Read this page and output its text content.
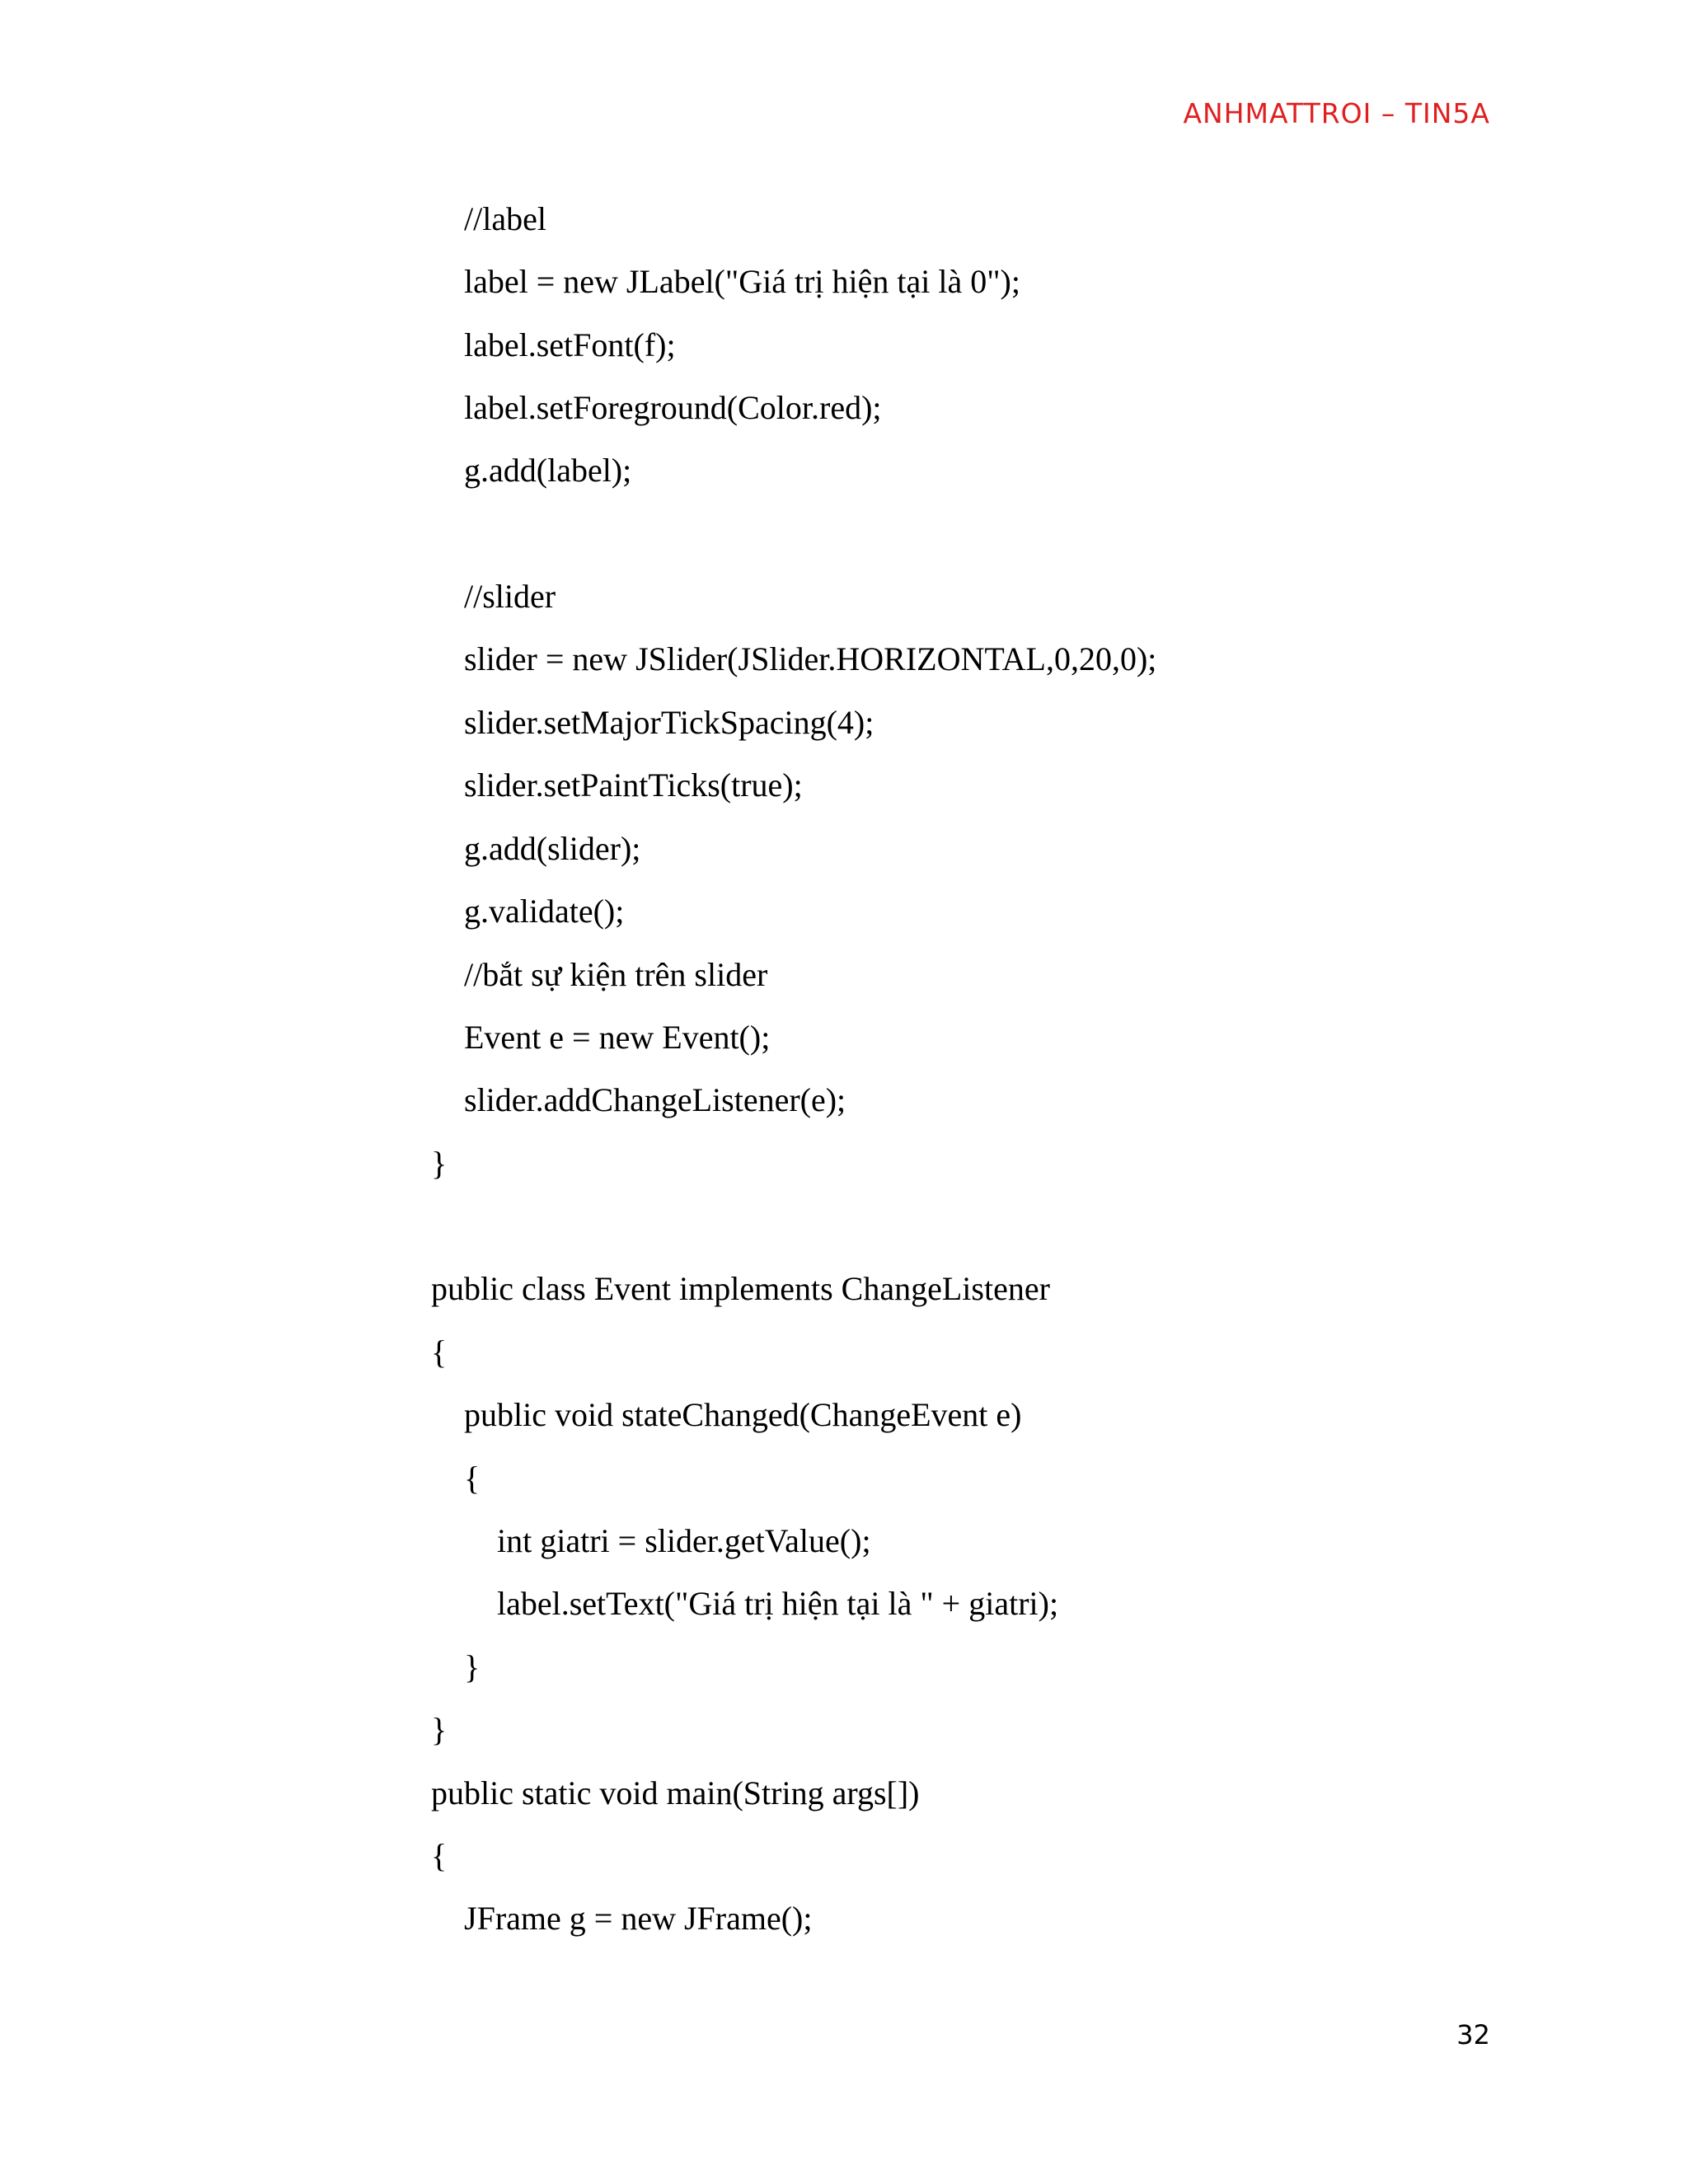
ANHMATTROI – TIN5A
//label
label = new JLabel("Giá trị hiện tại là 0");
label.setFont(f);
label.setForeground(Color.red);
g.add(label);
//slider
slider = new JSlider(JSlider.HORIZONTAL,0,20,0);
slider.setMajorTickSpacing(4);
slider.setPaintTicks(true);
g.add(slider);
g.validate();
//bắt sự kiện trên slider
Event e = new Event();
slider.addChangeListener(e);
}
public class Event implements ChangeListener
{
public void stateChanged(ChangeEvent e)
{
int giatri = slider.getValue();
label.setText("Giá trị hiện tại là " + giatri);
}
}
public static void main(String args[])
{
JFrame g = new JFrame();
32
